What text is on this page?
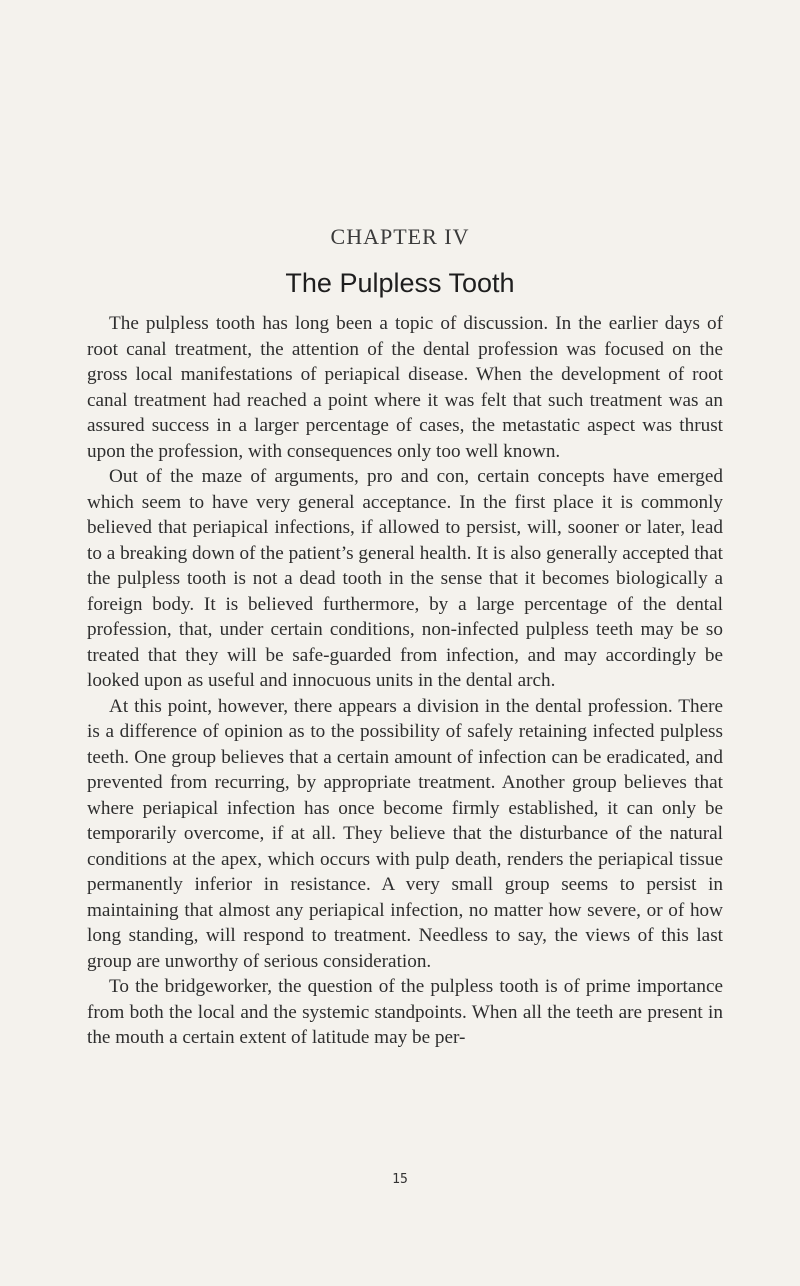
CHAPTER IV
The Pulpless Tooth

The pulpless tooth has long been a topic of discussion. In the earlier days of root canal treatment, the attention of the dental profession was focused on the gross local manifestations of periapical disease. When the development of root canal treatment had reached a point where it was felt that such treatment was an assured success in a larger percentage of cases, the metastatic aspect was thrust upon the profession, with consequences only too well known.

Out of the maze of arguments, pro and con, certain concepts have emerged which seem to have very general acceptance. In the first place it is commonly believed that periapical infections, if allowed to persist, will, sooner or later, lead to a breaking down of the patient’s general health. It is also generally accepted that the pulpless tooth is not a dead tooth in the sense that it becomes biologically a foreign body. It is believed furthermore, by a large percentage of the dental profession, that, under certain conditions, non-infected pulpless teeth may be so treated that they will be safe-guarded from infection, and may accordingly be looked upon as useful and innocuous units in the dental arch.

At this point, however, there appears a division in the dental profession. There is a difference of opinion as to the possibility of safely retaining infected pulpless teeth. One group believes that a certain amount of infection can be eradicated, and prevented from recurring, by appropriate treatment. Another group believes that where periapical infection has once become firmly established, it can only be temporarily overcome, if at all. They believe that the disturbance of the natural conditions at the apex, which occurs with pulp death, renders the periapical tissue permanently inferior in resistance. A very small group seems to persist in maintaining that almost any periapical infection, no matter how severe, or of how long standing, will respond to treatment. Needless to say, the views of this last group are unworthy of serious consideration.

To the bridgeworker, the question of the pulpless tooth is of prime importance from both the local and the systemic standpoints. When all the teeth are present in the mouth a certain extent of latitude may be per-

15
